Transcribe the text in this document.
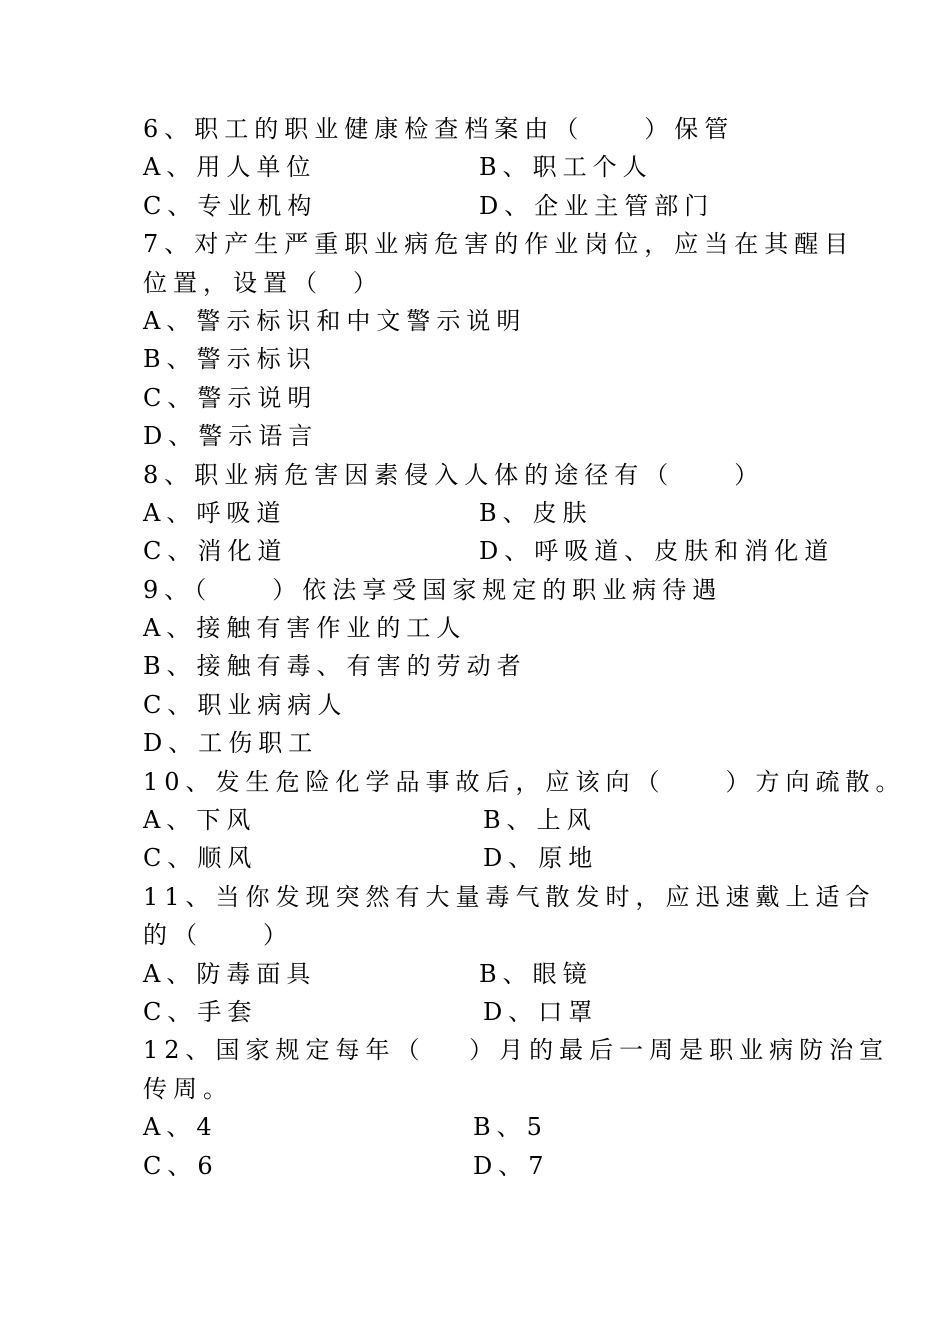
6、职工的职业健康检查档案由（　　）保管
A、用人单位	B、职工个人
C、专业机构	D、企业主管部门
7、对产生严重职业病危害的作业岗位，应当在其醒目
位置，设置（　）
A、警示标识和中文警示说明
B、警示标识
C、警示说明
D、警示语言
8、职业病危害因素侵入人体的途径有（　　）
A、呼吸道	B、皮肤
C、消化道	D、呼吸道、皮肤和消化道
9、（　　）依法享受国家规定的职业病待遇
A、接触有害作业的工人
B、接触有毒、有害的劳动者
C、职业病病人
D、工伤职工
10、发生危险化学品事故后，应该向（　　）方向疏散。
A、下风	B、上风
C、顺风	D、原地
11、当你发现突然有大量毒气散发时，应迅速戴上适合
的（　　）
A、防毒面具	B、眼镜
C、手套	D、口罩
12、国家规定每年（　 ）月的最后一周是职业病防治宣
传周。
A、4	B、5
C、6	D、7
